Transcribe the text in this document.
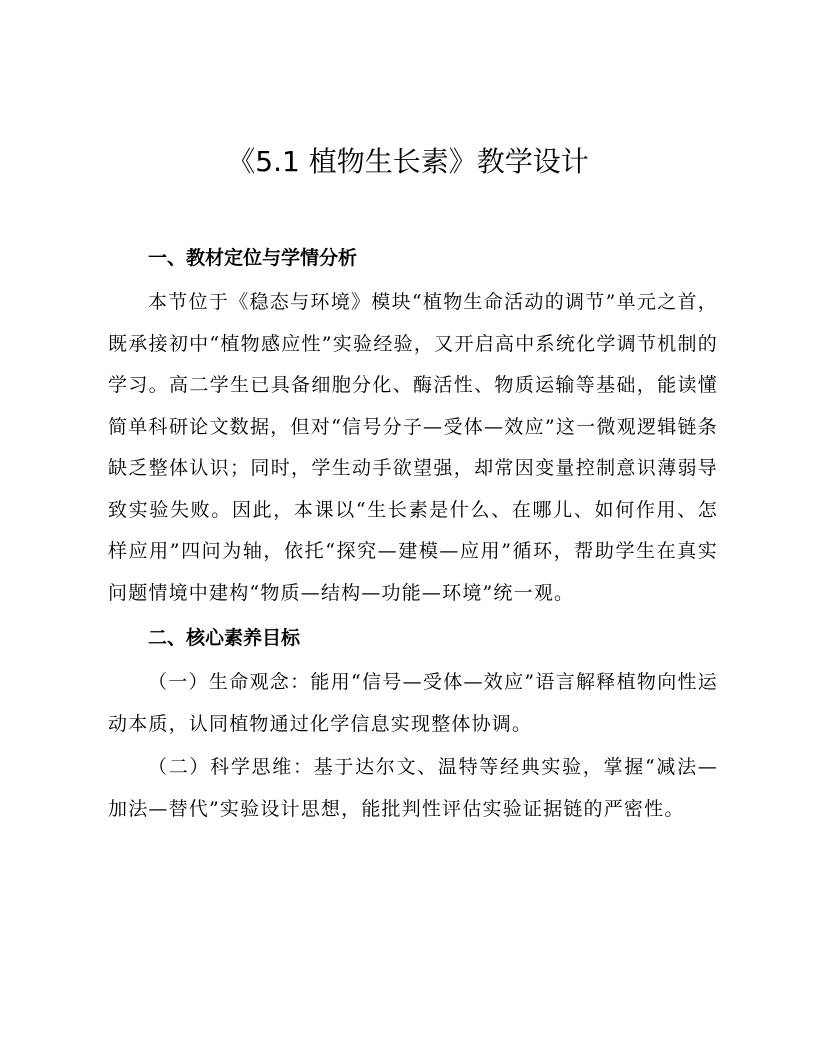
《5.1 植物生长素》教学设计
一、教材定位与学情分析

本节位于《稳态与环境》模块“植物生命活动的调节”单元之首，既承接初中“植物感应性”实验经验，又开启高中系统化学调节机制的学习。高二学生已具备细胞分化、酶活性、物质运输等基础，能读懂简单科研论文数据，但对“信号分子—受体—效应”这一微观逻辑链条缺乏整体认识；同时，学生动手欲望强，却常因变量控制意识薄弱导致实验失败。因此，本课以“生长素是什么、在哪儿、如何作用、怎样应用”四问为轴，依托“探究—建模—应用”循环，帮助学生在真实问题情境中建构“物质—结构—功能—环境”统一观。

二、核心素养目标

（一）生命观念：能用“信号—受体—效应”语言解释植物向性运动本质，认同植物通过化学信息实现整体协调。

（二）科学思维：基于达尔文、温特等经典实验，掌握“减法—加法—替代”实验设计思想，能批判性评估实验证据链的严密性。
